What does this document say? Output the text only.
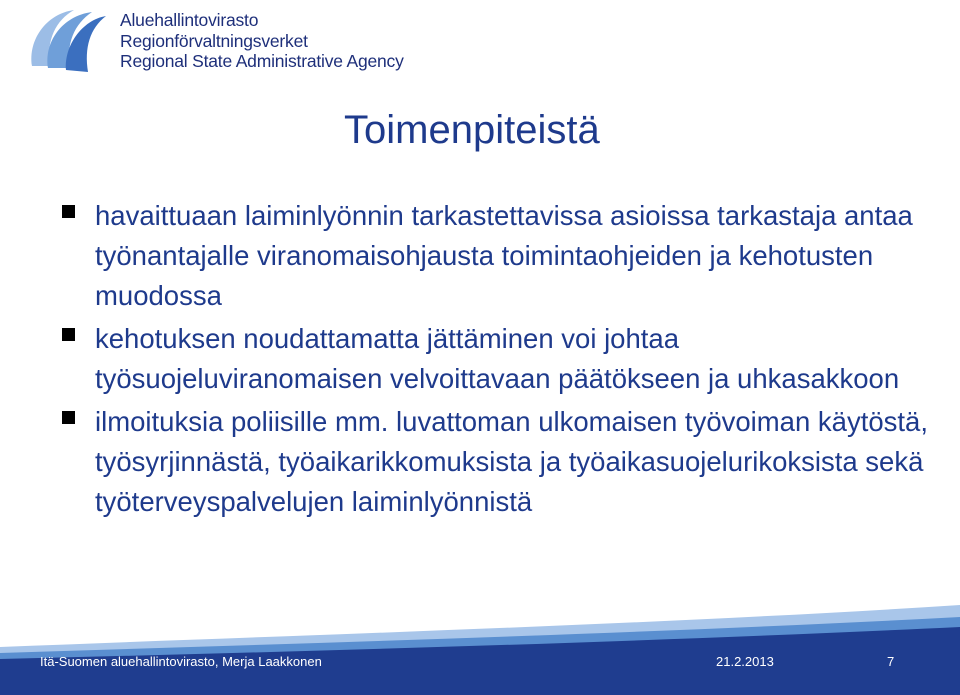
Aluehallintovirasto
Regionförvaltningsverket
Regional State Administrative Agency
Toimenpiteistä
havaittuaan laiminlyönnin tarkastettavissa asioissa tarkastaja antaa työnantajalle viranomaisohjausta toimintaohjeiden ja kehotusten muodossa
kehotuksen noudattamatta jättäminen voi johtaa työsuojeluviranomaisen velvoittavaan päätökseen ja uhkasakkoon
ilmoituksia poliisille mm. luvattoman ulkomaisen työvoiman käytöstä, työsyrjinnästä, työaikarikkomuksista ja työaikasuojelurikoksista sekä työterveyspalvelujen laiminlyönnistä
Itä-Suomen aluehallintovirasto, Merja Laakkonen	21.2.2013	7
